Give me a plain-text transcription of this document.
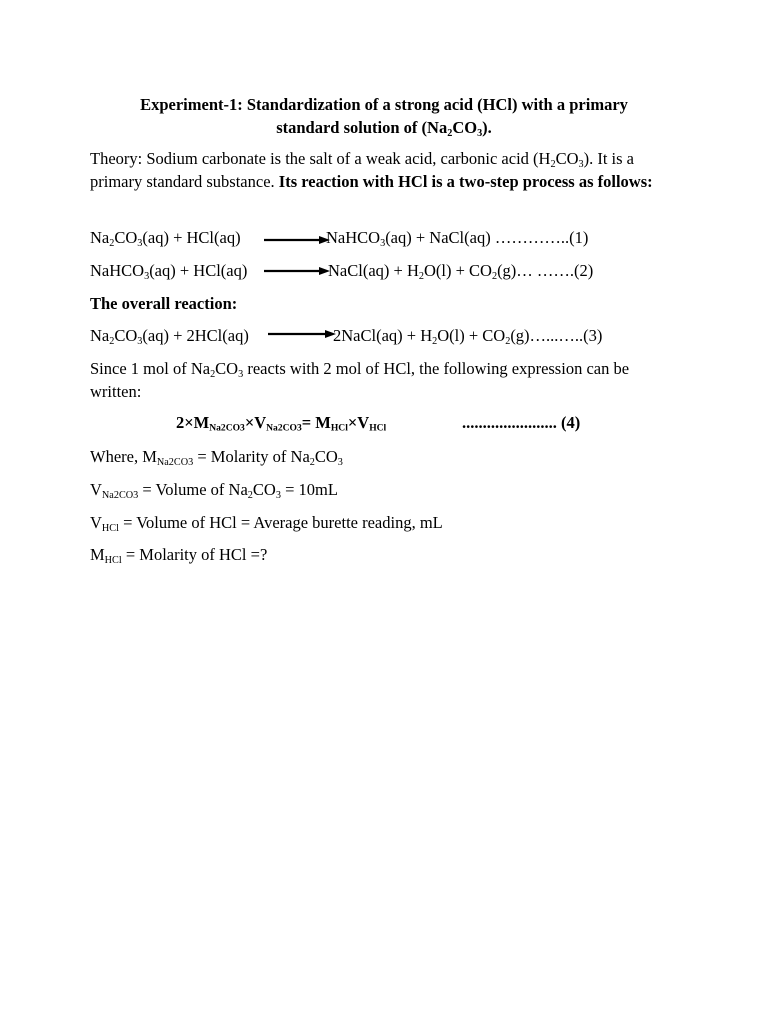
Experiment-1: Standardization of a strong acid (HCl) with a primary
standard solution of $(Na_2CO_3)$.

Theory: Sodium carbonate is the salt of a weak acid, carbonic acid $(H_2CO_3)$. It is a primary standard substance. Its reaction with HCl is a two-step process as follows:

$Na_2CO_3(aq) + HCl(aq)$ →
NaHCO$_3$(aq) + NaCl(aq) …………..(1)
NaHCO$_3$(aq) + HCl(aq) →
NaCl(aq) + $H_2O(l)$ + $CO_2(g)\dots$ …….(2)
The overall reaction:
$Na_2CO_3(aq) + 2HCl(aq)$	2NaCl(aq) + $H_2O(l)$ + $CO_2(g)\dots...\dots..(3)$

Since 1 mol of $Na_2CO_3$ reacts with 2 mol of HCl, the following expression can be written:

$2\times M_{Na2CO3}\times V_{Na2CO3}= M_{HCl}\times V_{HCl}$	....................... (4)
Where, $M_{Na2CO3}$ = Molarity of $Na_2CO_3$
$V_{Na2CO3}$ = Volume of $Na_2CO_3 = 10mL$
$V_{HCl}$ = Volume of HCl = Average burette reading, mL
$M_{HCl}$ = Molarity of HCl =?
